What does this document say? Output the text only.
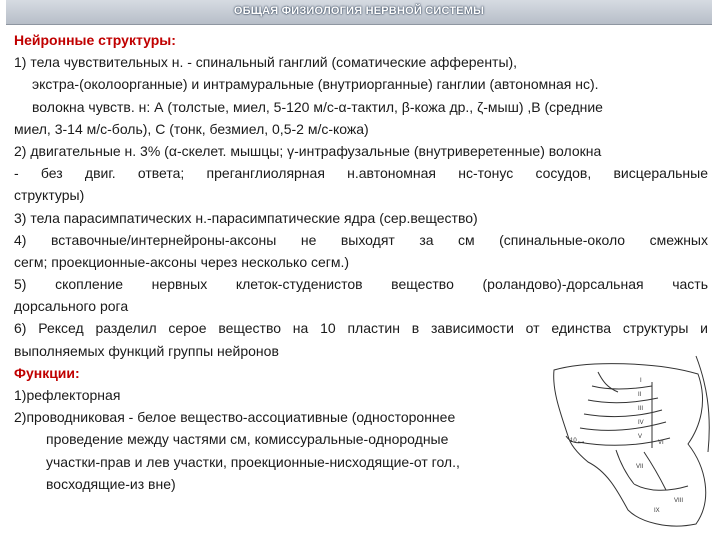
ОБЩАЯ ФИЗИОЛОГИЯ НЕРВНОЙ СИСТЕМЫ
Нейронные структуры:
1) тела чувствительных н. - спинальный ганглий (соматические афференты),
экстра-(околоорганные) и интрамуральные (внутриорганные) ганглии (автономная нс).
волокна чувств. н: А (толстые, миел, 5-120 м/с-α-тактил, β-кожа др., ζ-мыш) ,В (средние
миел, 3-14 м/с-боль), С (тонк, безмиел, 0,5-2 м/с-кожа)
2) двигательные н. 3% (α-скелет. мышцы; γ-интрафузальные (внутриверетенные) волокна
- без двиг. ответа; преганглиолярная н.автономная нс-тонус сосудов, висцеральные
структуры)
3) тела парасимпатических н.-парасимпатические ядра (сер.вещество)
4) вставочные/интернейроны-аксоны не выходят за см (спинальные-около смежных
сегм; проекционные-аксоны через несколько сегм.)
5) скопление нервных клеток-студенистов вещество (роландово)-дорсальная часть
дорсального рога
6) Рексед разделил серое вещество на 10 пластин в зависимости от единства структуры и
выполняемых функций группы нейронов
Функции:
1)рефлекторная
2)проводниковая - белое вещество-ассоциативные (одностороннее
проведение между частями см, комиссуральные-однородные
участки-прав и лев участки, проекционные-нисходящие-от гол.,
восходящие-из вне)
10
I
II
III
IV
V
VI
VII
VIII
IX
